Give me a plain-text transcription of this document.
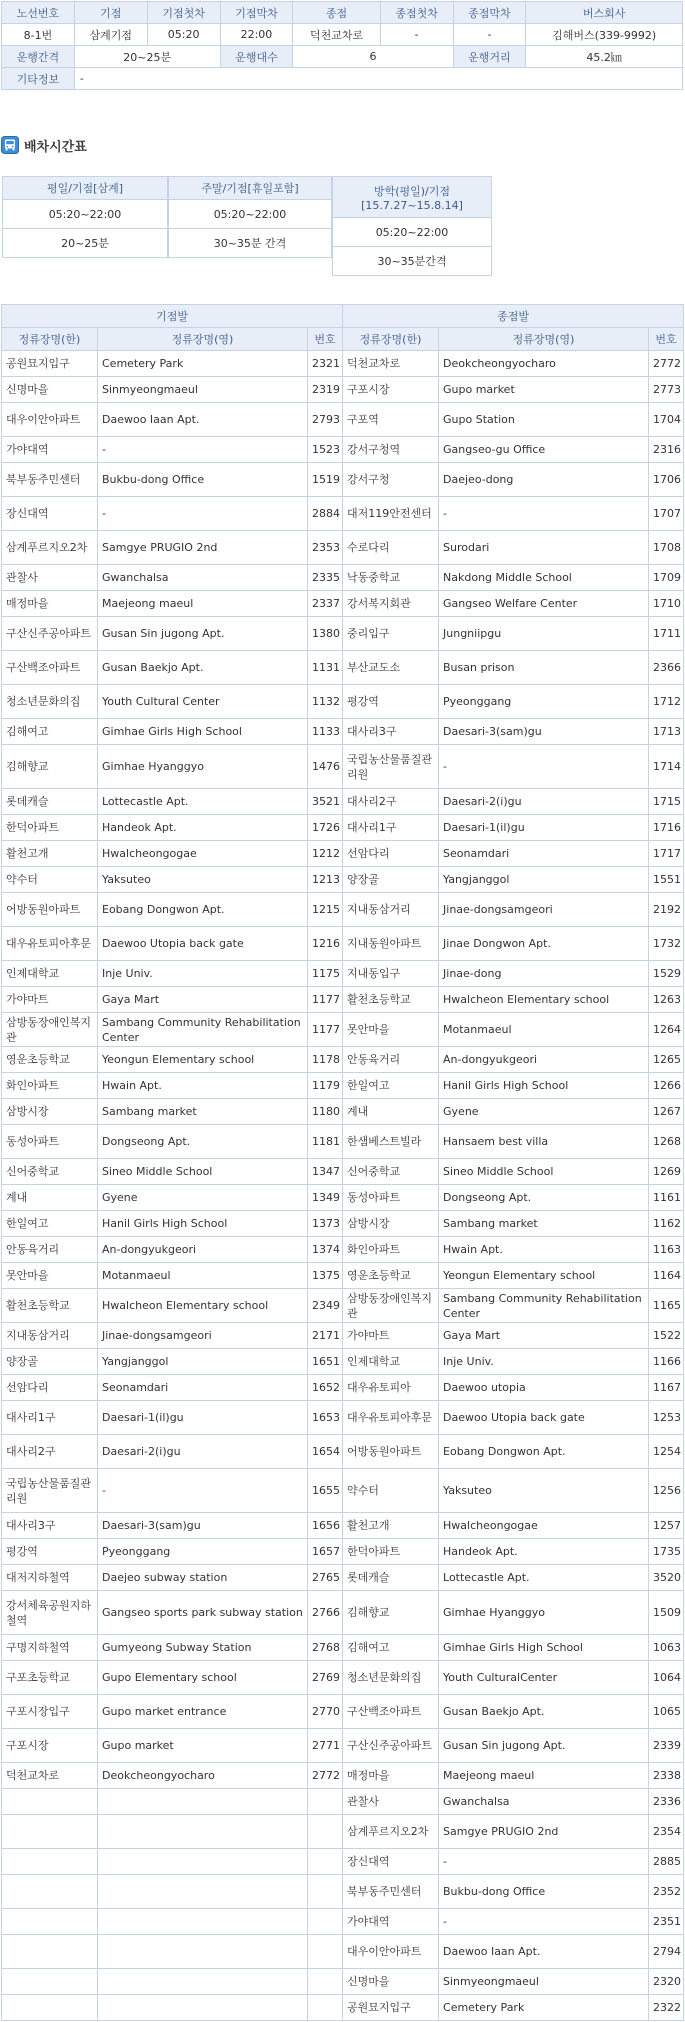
노선번호	기점	기점첫차	기점막차	종점	종점첫차	종점막차	버스회사
8-1번	삼계기점	05:20	22:00	덕천교차로	-	-	김해버스(339-9992)
운행간격	20~25분		운행대수	6		운행거리	45.2㎞
기타정보	-						
배차시간표
평일/기점[삼계]
05:20~22:00
20~25분
주말/기점[휴일포함]
05:20~22:00
30~35분 간격
방학(평일)/기점[15.7.27~15.8.14]
05:20~22:00
30~35분간격
기점발			종점발		
정류장명(한)	정류장명(영)	번호	정류장명(한)	정류장명(영)	번호
공원묘지입구	Cemetery Park	2321	덕천교차로	Deokcheongyocharo	2772
신명마을	Sinmyeongmaeul	2319	구포시장	Gupo market	2773
대우이안아파트	Daewoo Iaan Apt.	2793	구포역	Gupo Station	1704
가야대역	-	1523	강서구청역	Gangseo-gu Office	2316
북부동주민센터	Bukbu-dong Office	1519	강서구청	Daejeo-dong	1706
장신대역	-	2884	대저119안전센터	-	1707
삼계푸르지오2차	Samgye PRUGIO 2nd	2353	수로다리	Surodari	1708
관찰사	Gwanchalsa	2335	낙동중학교	Nakdong Middle School	1709
매정마을	Maejeong maeul	2337	강서복지회관	Gangseo Welfare Center	1710
구산신주공아파트	Gusan Sin jugong Apt.	1380	중리입구	Jungniipgu	1711
구산백조아파트	Gusan Baekjo Apt.	1131	부산교도소	Busan prison	2366
청소년문화의집	Youth Cultural Center	1132	평강역	Pyeonggang	1712
김해여고	Gimhae Girls High School	1133	대사리3구	Daesari-3(sam)gu	1713
김해향교	Gimhae Hyanggyo	1476	국립농산물품질관리원	-	1714
롯데캐슬	Lottecastle Apt.	3521	대사리2구	Daesari-2(i)gu	1715
한덕아파트	Handeok Apt.	1726	대사리1구	Daesari-1(il)gu	1716
활천고개	Hwalcheongogae	1212	선암다리	Seonamdari	1717
약수터	Yaksuteo	1213	양장골	Yangjanggol	1551
어방동원아파트	Eobang Dongwon Apt.	1215	지내동삼거리	Jinae-dongsamgeori	2192
대우유토피아후문	Daewoo Utopia back gate	1216	지내동원아파트	Jinae Dongwon Apt.	1732
인제대학교	Inje Univ.	1175	지내동입구	Jinae-dong	1529
가야마트	Gaya Mart	1177	활천초등학교	Hwalcheon Elementary school	1263
삼방동장애인복지관	Sambang Community Rehabilitation Center	1177	못안마을	Motanmaeul	1264
영운초등학교	Yeongun Elementary school	1178	안동육거리	An-dongyukgeori	1265
화인아파트	Hwain Apt.	1179	한일여고	Hanil Girls High School	1266
삼방시장	Sambang market	1180	계내	Gyene	1267
동성아파트	Dongseong Apt.	1181	한샘베스트빌라	Hansaem best villa	1268
신어중학교	Sineo Middle School	1347	신어중학교	Sineo Middle School	1269
계내	Gyene	1349	동성아파트	Dongseong Apt.	1161
한일여고	Hanil Girls High School	1373	삼방시장	Sambang market	1162
안동육거리	An-dongyukgeori	1374	화인아파트	Hwain Apt.	1163
못안마을	Motanmaeul	1375	영운초등학교	Yeongun Elementary school	1164
활천초등학교	Hwalcheon Elementary school	2349	삼방동장애인복지관	Sambang Community Rehabilitation Center	1165
지내동삼거리	Jinae-dongsamgeori	2171	가야마트	Gaya Mart	1522
양장골	Yangjanggol	1651	인제대학교	Inje Univ.	1166
선암다리	Seonamdari	1652	대우유토피아	Daewoo utopia	1167
대사리1구	Daesari-1(il)gu	1653	대우유토피아후문	Daewoo Utopia back gate	1253
대사리2구	Daesari-2(i)gu	1654	어방동원아파트	Eobang Dongwon Apt.	1254
국립농산물품질관리원	-	1655	약수터	Yaksuteo	1256
대사리3구	Daesari-3(sam)gu	1656	활천고개	Hwalcheongogae	1257
평강역	Pyeonggang	1657	한덕아파트	Handeok Apt.	1735
대저지하철역	Daejeo subway station	2765	롯데캐슬	Lottecastle Apt.	3520
강서체육공원지하철역	Gangseo sports park subway station	2766	김해향교	Gimhae Hyanggyo	1509
구명지하철역	Gumyeong Subway Station	2768	김해여고	Gimhae Girls High School	1063
구포초등학교	Gupo Elementary school	2769	청소년문화의집	Youth CulturalCenter	1064
구포시장입구	Gupo market entrance	2770	구산백조아파트	Gusan Baekjo Apt.	1065
구포시장	Gupo market	2771	구산신주공아파트	Gusan Sin jugong Apt.	2339
덕천교차로	Deokcheongyocharo	2772	매정마을	Maejeong maeul	2338
			관찰사	Gwanchalsa	2336
			삼계푸르지오2차	Samgye PRUGIO 2nd	2354
			장신대역	-	2885
			북부동주민센터	Bukbu-dong Office	2352
			가야대역	-	2351
			대우이안아파트	Daewoo Iaan Apt.	2794
			신명마을	Sinmyeongmaeul	2320
			공원묘지입구	Cemetery Park	2322
